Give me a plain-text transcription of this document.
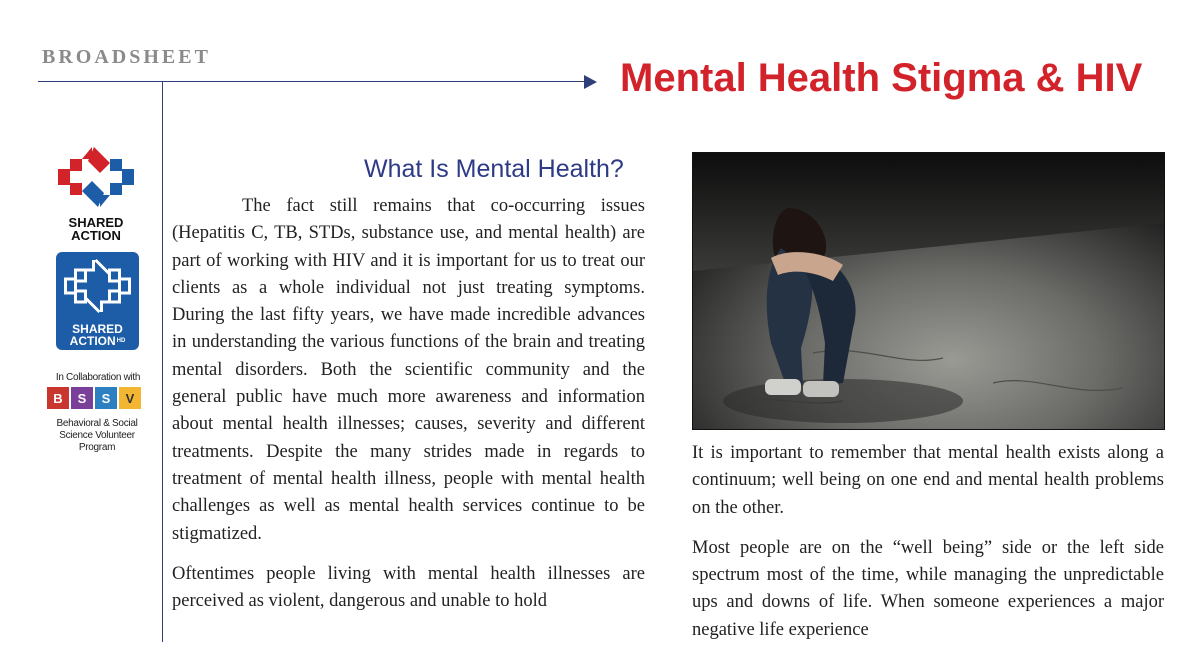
BROADSHEET	Mental Health Stigma & HIV
SHARED
ACTION
SHARED
ACTIONHD
In Collaboration with
B	S	S	V
Behavioral & Social
Science Volunteer
Program
What Is Mental Health?

The fact still remains that co-occurring issues (Hepatitis C, TB, STDs, substance use, and mental health) are part of working with HIV and it is important for us to treat our clients as a whole individual not just treating symptoms. During the last fifty years, we have made incredible advances in understanding the various functions of the brain and treating mental disorders. Both the scientific community and the general public have much more awareness and information about mental health illnesses; causes, severity and different treatments. Despite the many strides made in regards to treatment of mental health illness, people with mental health challenges as well as mental health services continue to be stigmatized.

Oftentimes people living with mental health illnesses are perceived as violent, dangerous and unable to hold

It is important to remember that mental health exists along a continuum; well being on one end and mental health problems on the other.

Most people are on the “well being” side or the left side spectrum most of the time, while managing the unpredictable ups and downs of life. When someone experiences a major negative life experience
